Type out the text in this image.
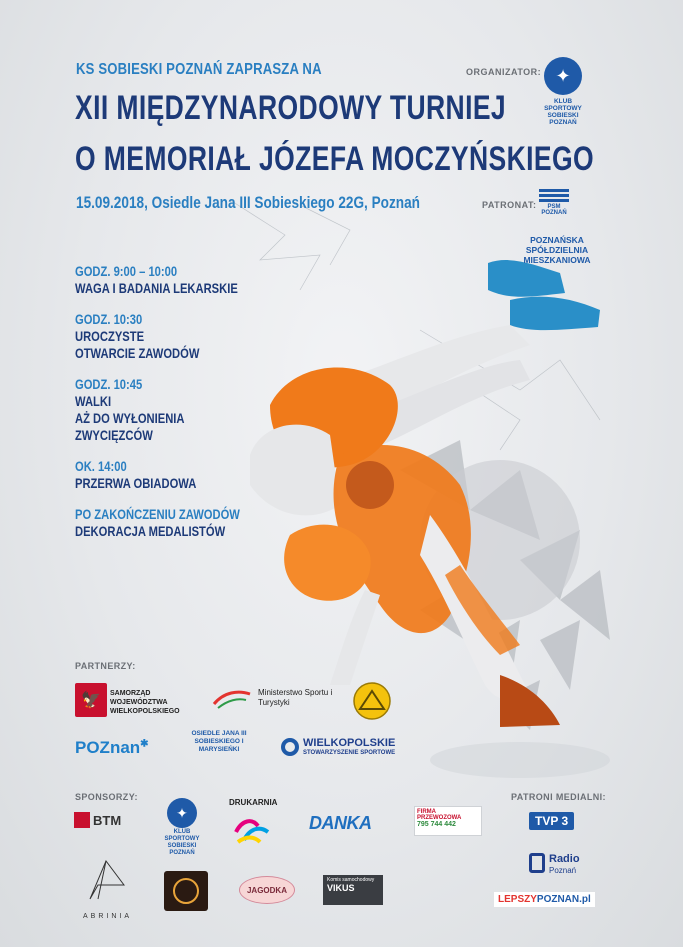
KS SOBIESKI POZNAŃ ZAPRASZA NA
XII MIĘDZYNARODOWY TURNIEJ
O MEMORIAŁ JÓZEFA MOCZYŃSKIEGO
15.09.2018, Osiedle Jana III Sobieskiego 22G, Poznań
ORGANIZATOR: ✦
KLUB SPORTOWY SOBIESKI POZNAŃ
PATRONAT:	PSM POZNAŃ
POZNAŃSKA SPÓŁDZIELNIA MIESZKANIOWA
GODZ. 9:00 – 10:00
WAGA I BADANIA LEKARSKIE
GODZ. 10:30
UROCZYSTE
OTWARCIE ZAWODÓW
GODZ. 10:45
WALKI
AŻ DO WYŁONIENIA
ZWYCIĘZCÓW
OK. 14:00
PRZERWA OBIADOWA
PO ZAKOŃCZENIU ZAWODÓW
DEKORACJA MEDALISTÓW
PARTNERZY:
🦅	SAMORZĄD WOJEWÓDZTWA WIELKOPOLSKIEGO
Ministerstwo Sportu i Turystyki
POZnan✱
OSIEDLE JANA III SOBIESKIEGO I MARYSIEŃKI
WIELKOPOLSKIE
STOWARZYSZENIE SPORTOWE
SPONSORZY:
BTM	✦
KLUB SPORTOWY SOBIESKI POZNAŃ
DRUKARNIA
DANKA
FIRMA PRZEWOZOWA
795 744 442
ABRINIA
JAGODKA
Komis samochodowy
VIKUS
PATRONI MEDIALNI:
TVP 3
Radio
Poznań
LEPSZYPOZNAN.pl
